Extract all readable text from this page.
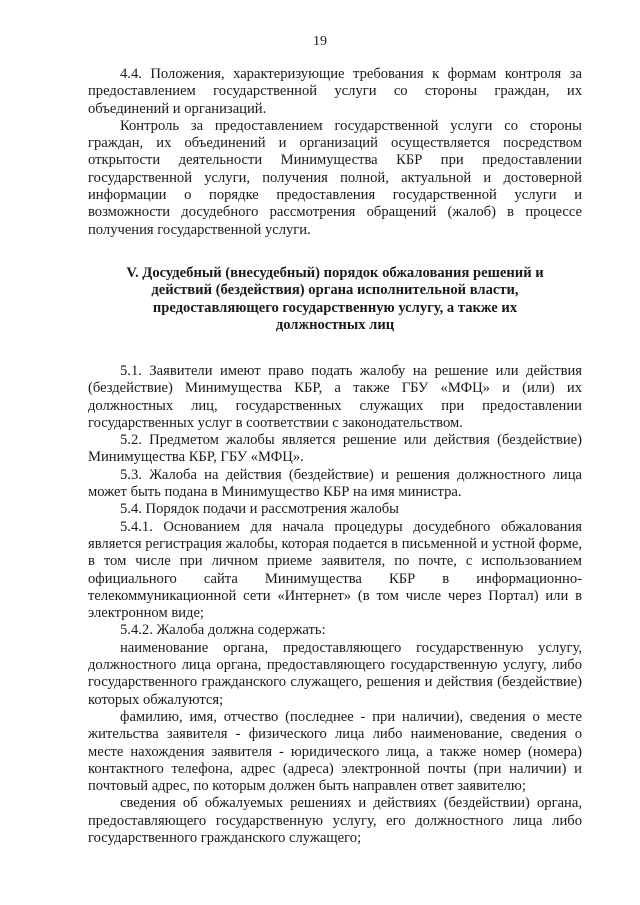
19

4.4. Положения, характеризующие требования к формам контроля за предоставлением государственной услуги со стороны граждан, их объединений и организаций.

Контроль за предоставлением государственной услуги со стороны граждан, их объединений и организаций осуществляется посредством открытости деятельности Минимущества КБР при предоставлении государственной услуги, получения полной, актуальной и достоверной информации о порядке предоставления государственной услуги и возможности досудебного рассмотрения обращений (жалоб) в процессе получения государственной услуги.

V. Досудебный (внесудебный) порядок обжалования решений и действий (бездействия) органа исполнительной власти, предоставляющего государственную услугу, а также их должностных лиц

5.1. Заявители имеют право подать жалобу на решение или действия (бездействие) Минимущества КБР, а также ГБУ «МФЦ» и (или) их должностных лиц, государственных служащих при предоставлении государственных услуг в соответствии с законодательством.

5.2. Предметом жалобы является решение или действия (бездействие) Минимущества КБР, ГБУ «МФЦ».

5.3. Жалоба на действия (бездействие) и решения должностного лица может быть подана в Минимущество КБР на имя министра.

5.4. Порядок подачи и рассмотрения жалобы

5.4.1. Основанием для начала процедуры досудебного обжалования является регистрация жалобы, которая подается в письменной и устной форме, в том числе при личном приеме заявителя, по почте, с использованием официального сайта Минимущества КБР в информационно-телекоммуникационной сети «Интернет» (в том числе через Портал) или в электронном виде;

5.4.2. Жалоба должна содержать:

наименование органа, предоставляющего государственную услугу, должностного лица органа, предоставляющего государственную услугу, либо государственного гражданского служащего, решения и действия (бездействие) которых обжалуются;

фамилию, имя, отчество (последнее - при наличии), сведения о месте жительства заявителя - физического лица либо наименование, сведения о месте нахождения заявителя - юридического лица, а также номер (номера) контактного телефона, адрес (адреса) электронной почты (при наличии) и почтовый адрес, по которым должен быть направлен ответ заявителю;

сведения об обжалуемых решениях и действиях (бездействии) органа, предоставляющего государственную услугу, его должностного лица либо государственного гражданского служащего;
